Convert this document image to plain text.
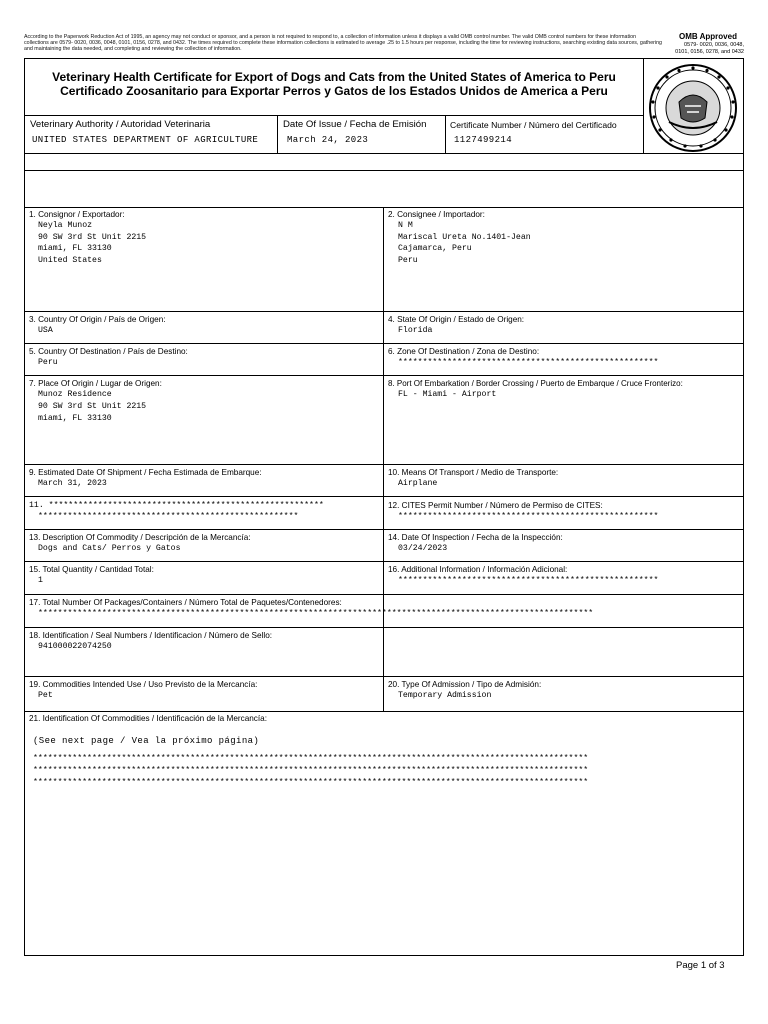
According to the Paperwork Reduction Act of 1995, an agency may not conduct or sponsor, and a person is not required to respond to, a collection of information unless it displays a valid OMB control number. The valid OMB control numbers for these information collections are 0579- 0020, 0036, 0048, 0101, 0156, 0278, and 0432. The times required to complete these information collections is estimated to average .25 to 1.5 hours per response, including the time for reviewing instructions, searching existing data sources, gathering and maintaining the data needed, and completing and reviewing the collection of information.
OMB Approved
0579- 0020, 0036, 0048,
0101, 0156, 0278, and 0432
Veterinary Health Certificate for Export of Dogs and Cats from the United States of America to Peru
Certificado Zoosanitario para Exportar Perros y Gatos de los Estados Unidos de America a Peru
Veterinary Authority / Autoridad Veterinaria
UNITED STATES DEPARTMENT OF AGRICULTURE
Date Of Issue / Fecha de Emisión
March 24, 2023
Certificate Number / Número del Certificado
1127499214
1. Consignor / Exportador:
Neyla Munoz
90 SW 3rd St Unit 2215
miami, FL 33130
United States
2. Consignee / Importador:
N M
Mariscal Ureta No.1401-Jean
Cajamarca, Peru
Peru
3. Country Of Origin / País de Origen:
USA
4. State Of Origin / Estado de Origen:
Florida
5. Country Of Destination / País de Destino:
Peru
6. Zone Of Destination / Zona de Destino:
*****************************************************
7. Place Of Origin / Lugar de Origen:
Munoz Residence
90 SW 3rd St Unit 2215
miami, FL 33130
8. Port Of Embarkation / Border Crossing / Puerto de Embarque / Cruce Fronterizo:
FL - Miami - Airport
9. Estimated Date Of Shipment / Fecha Estimada de Embarque:
March 31, 2023
10. Means Of Transport / Medio de Transporte:
Airplane
11. ********************************************************
*****************************************************
12. CITES Permit Number / Número de Permiso de CITES:
*****************************************************
13. Description Of Commodity / Descripción de la Mercancía:
Dogs and Cats/ Perros y Gatos
14. Date Of Inspection / Fecha de la Inspección:
03/24/2023
15. Total Quantity / Cantidad Total:
1
16. Additional Information / Información Adicional:
*****************************************************
17. Total Number Of Packages/Containers / Número Total de Paquetes/Contenedores:
*****************************************************************************************************************
18. Identification / Seal Numbers / Identificacion / Número de Sello:
941000022074250
19. Commodities Intended Use / Uso Previsto de la Mercancía:
Pet
20. Type Of Admission / Tipo de Admisión:
Temporary Admission
21. Identification Of Commodities / Identificación de la Mercancía:
(See next page / Vea la próximo página)
*****************************************************************************************************************
*****************************************************************************************************************
*****************************************************************************************************************
Page 1 of 3
